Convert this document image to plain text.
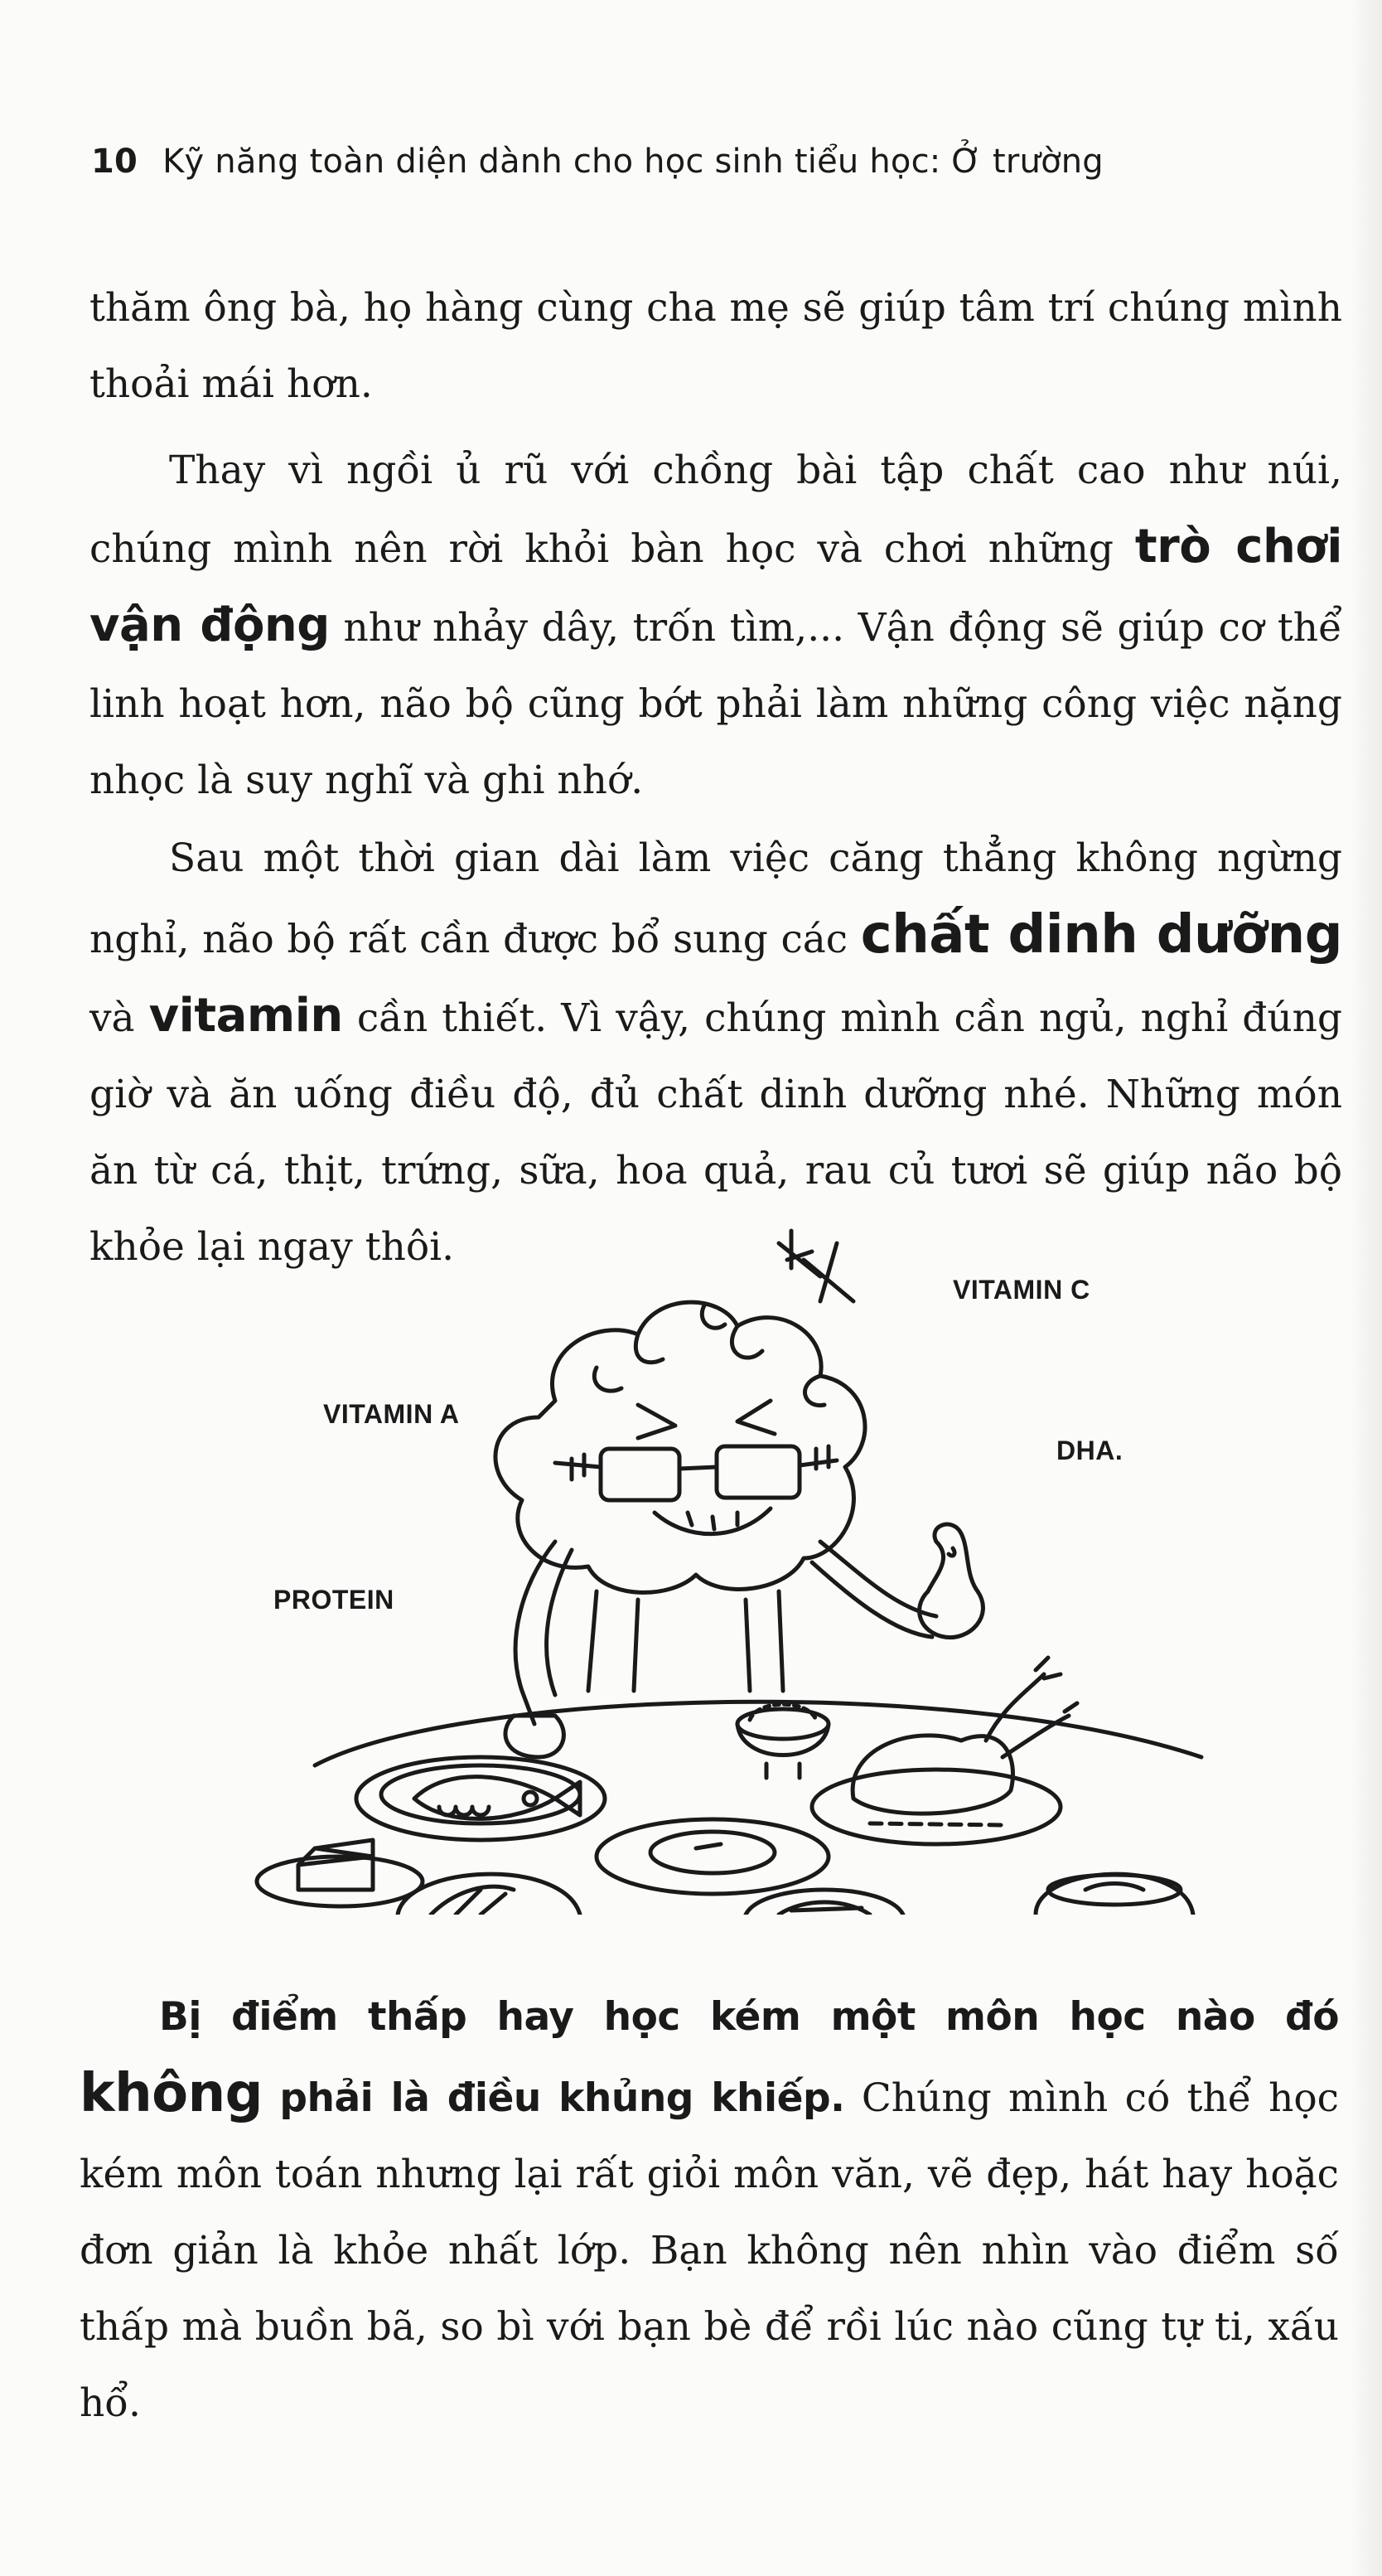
10 Kỹ năng toàn diện dành cho học sinh tiểu học: Ở trường
thăm ông bà, họ hàng cùng cha mẹ sẽ giúp tâm trí chúng mình thoải mái hơn.
Thay vì ngồi ủ rũ với chồng bài tập chất cao như núi, chúng mình nên rời khỏi bàn học và chơi những trò chơi vận động như nhảy dây, trốn tìm,... Vận động sẽ giúp cơ thể linh hoạt hơn, não bộ cũng bớt phải làm những công việc nặng nhọc là suy nghĩ và ghi nhớ.
Sau một thời gian dài làm việc căng thẳng không ngừng nghỉ, não bộ rất cần được bổ sung các chất dinh dưỡng và vitamin cần thiết. Vì vậy, chúng mình cần ngủ, nghỉ đúng giờ và ăn uống điều độ, đủ chất dinh dưỡng nhé. Những món ăn từ cá, thịt, trứng, sữa, hoa quả, rau củ tươi sẽ giúp não bộ khỏe lại ngay thôi.
VITAMIN C
VITAMIN A
DHA.
PROTEIN
Bị điểm thấp hay học kém một môn học nào đó không phải là điều khủng khiếp. Chúng mình có thể học kém môn toán nhưng lại rất giỏi môn văn, vẽ đẹp, hát hay hoặc đơn giản là khỏe nhất lớp. Bạn không nên nhìn vào điểm số thấp mà buồn bã, so bì với bạn bè để rồi lúc nào cũng tự ti, xấu hổ.
